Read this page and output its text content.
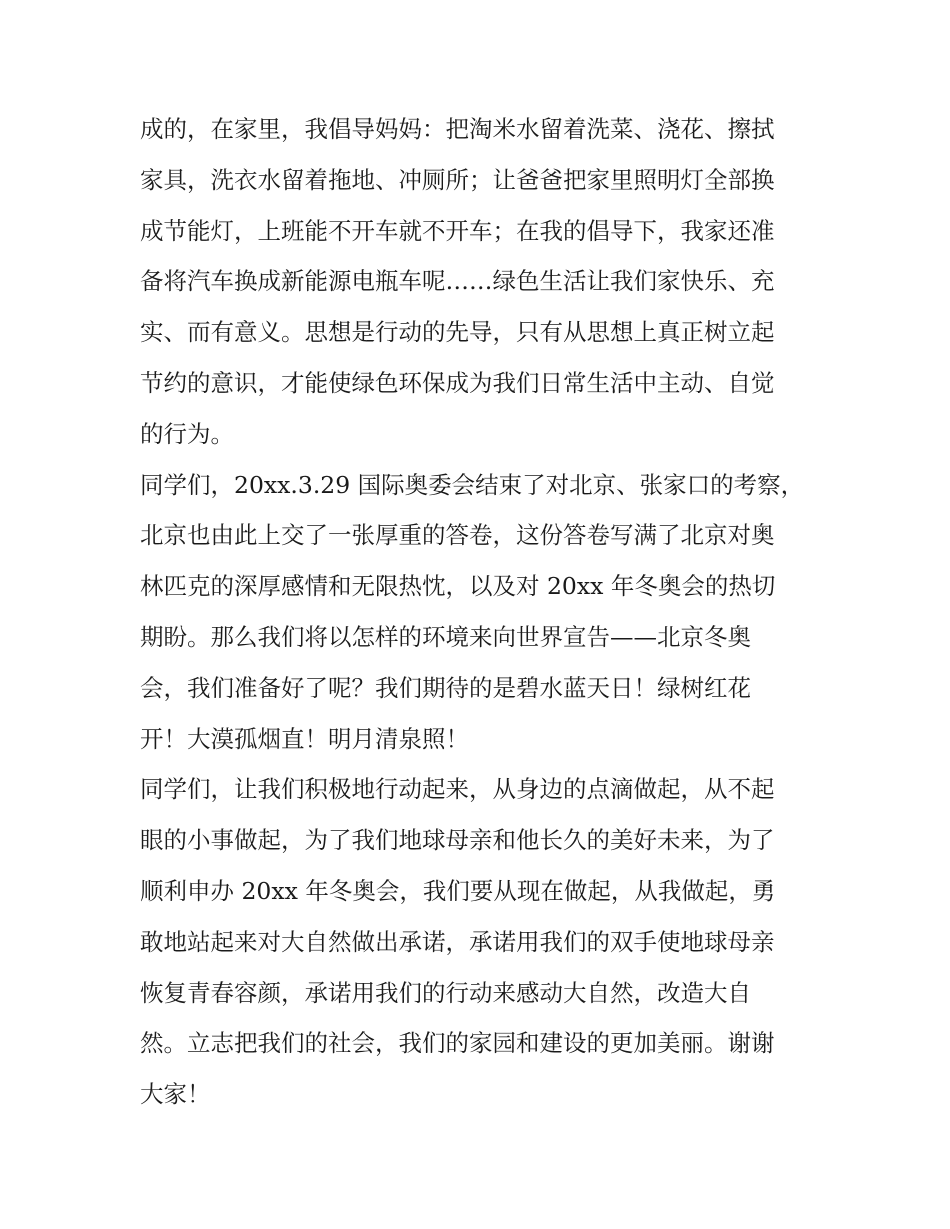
成的，在家里，我倡导妈妈：把淘米水留着洗菜、浇花、擦拭
家具，洗衣水留着拖地、冲厕所；让爸爸把家里照明灯全部换
成节能灯，上班能不开车就不开车；在我的倡导下，我家还准
备将汽车换成新能源电瓶车呢……绿色生活让我们家快乐、充
实、而有意义。思想是行动的先导，只有从思想上真正树立起
节约的意识，才能使绿色环保成为我们日常生活中主动、自觉
的行为。
同学们，20xx.3.29 国际奥委会结束了对北京、张家口的考察，
北京也由此上交了一张厚重的答卷，这份答卷写满了北京对奥
林匹克的深厚感情和无限热忱，以及对 20xx 年冬奥会的热切
期盼。那么我们将以怎样的环境来向世界宣告——北京冬奥
会，我们准备好了呢？我们期待的是碧水蓝天日！绿树红花
开！大漠孤烟直！明月清泉照！
同学们，让我们积极地行动起来，从身边的点滴做起，从不起
眼的小事做起，为了我们地球母亲和他长久的美好未来，为了
顺利申办 20xx 年冬奥会，我们要从现在做起，从我做起，勇
敢地站起来对大自然做出承诺，承诺用我们的双手使地球母亲
恢复青春容颜，承诺用我们的行动来感动大自然，改造大自
然。立志把我们的社会，我们的家园和建设的更加美丽。谢谢
大家！
